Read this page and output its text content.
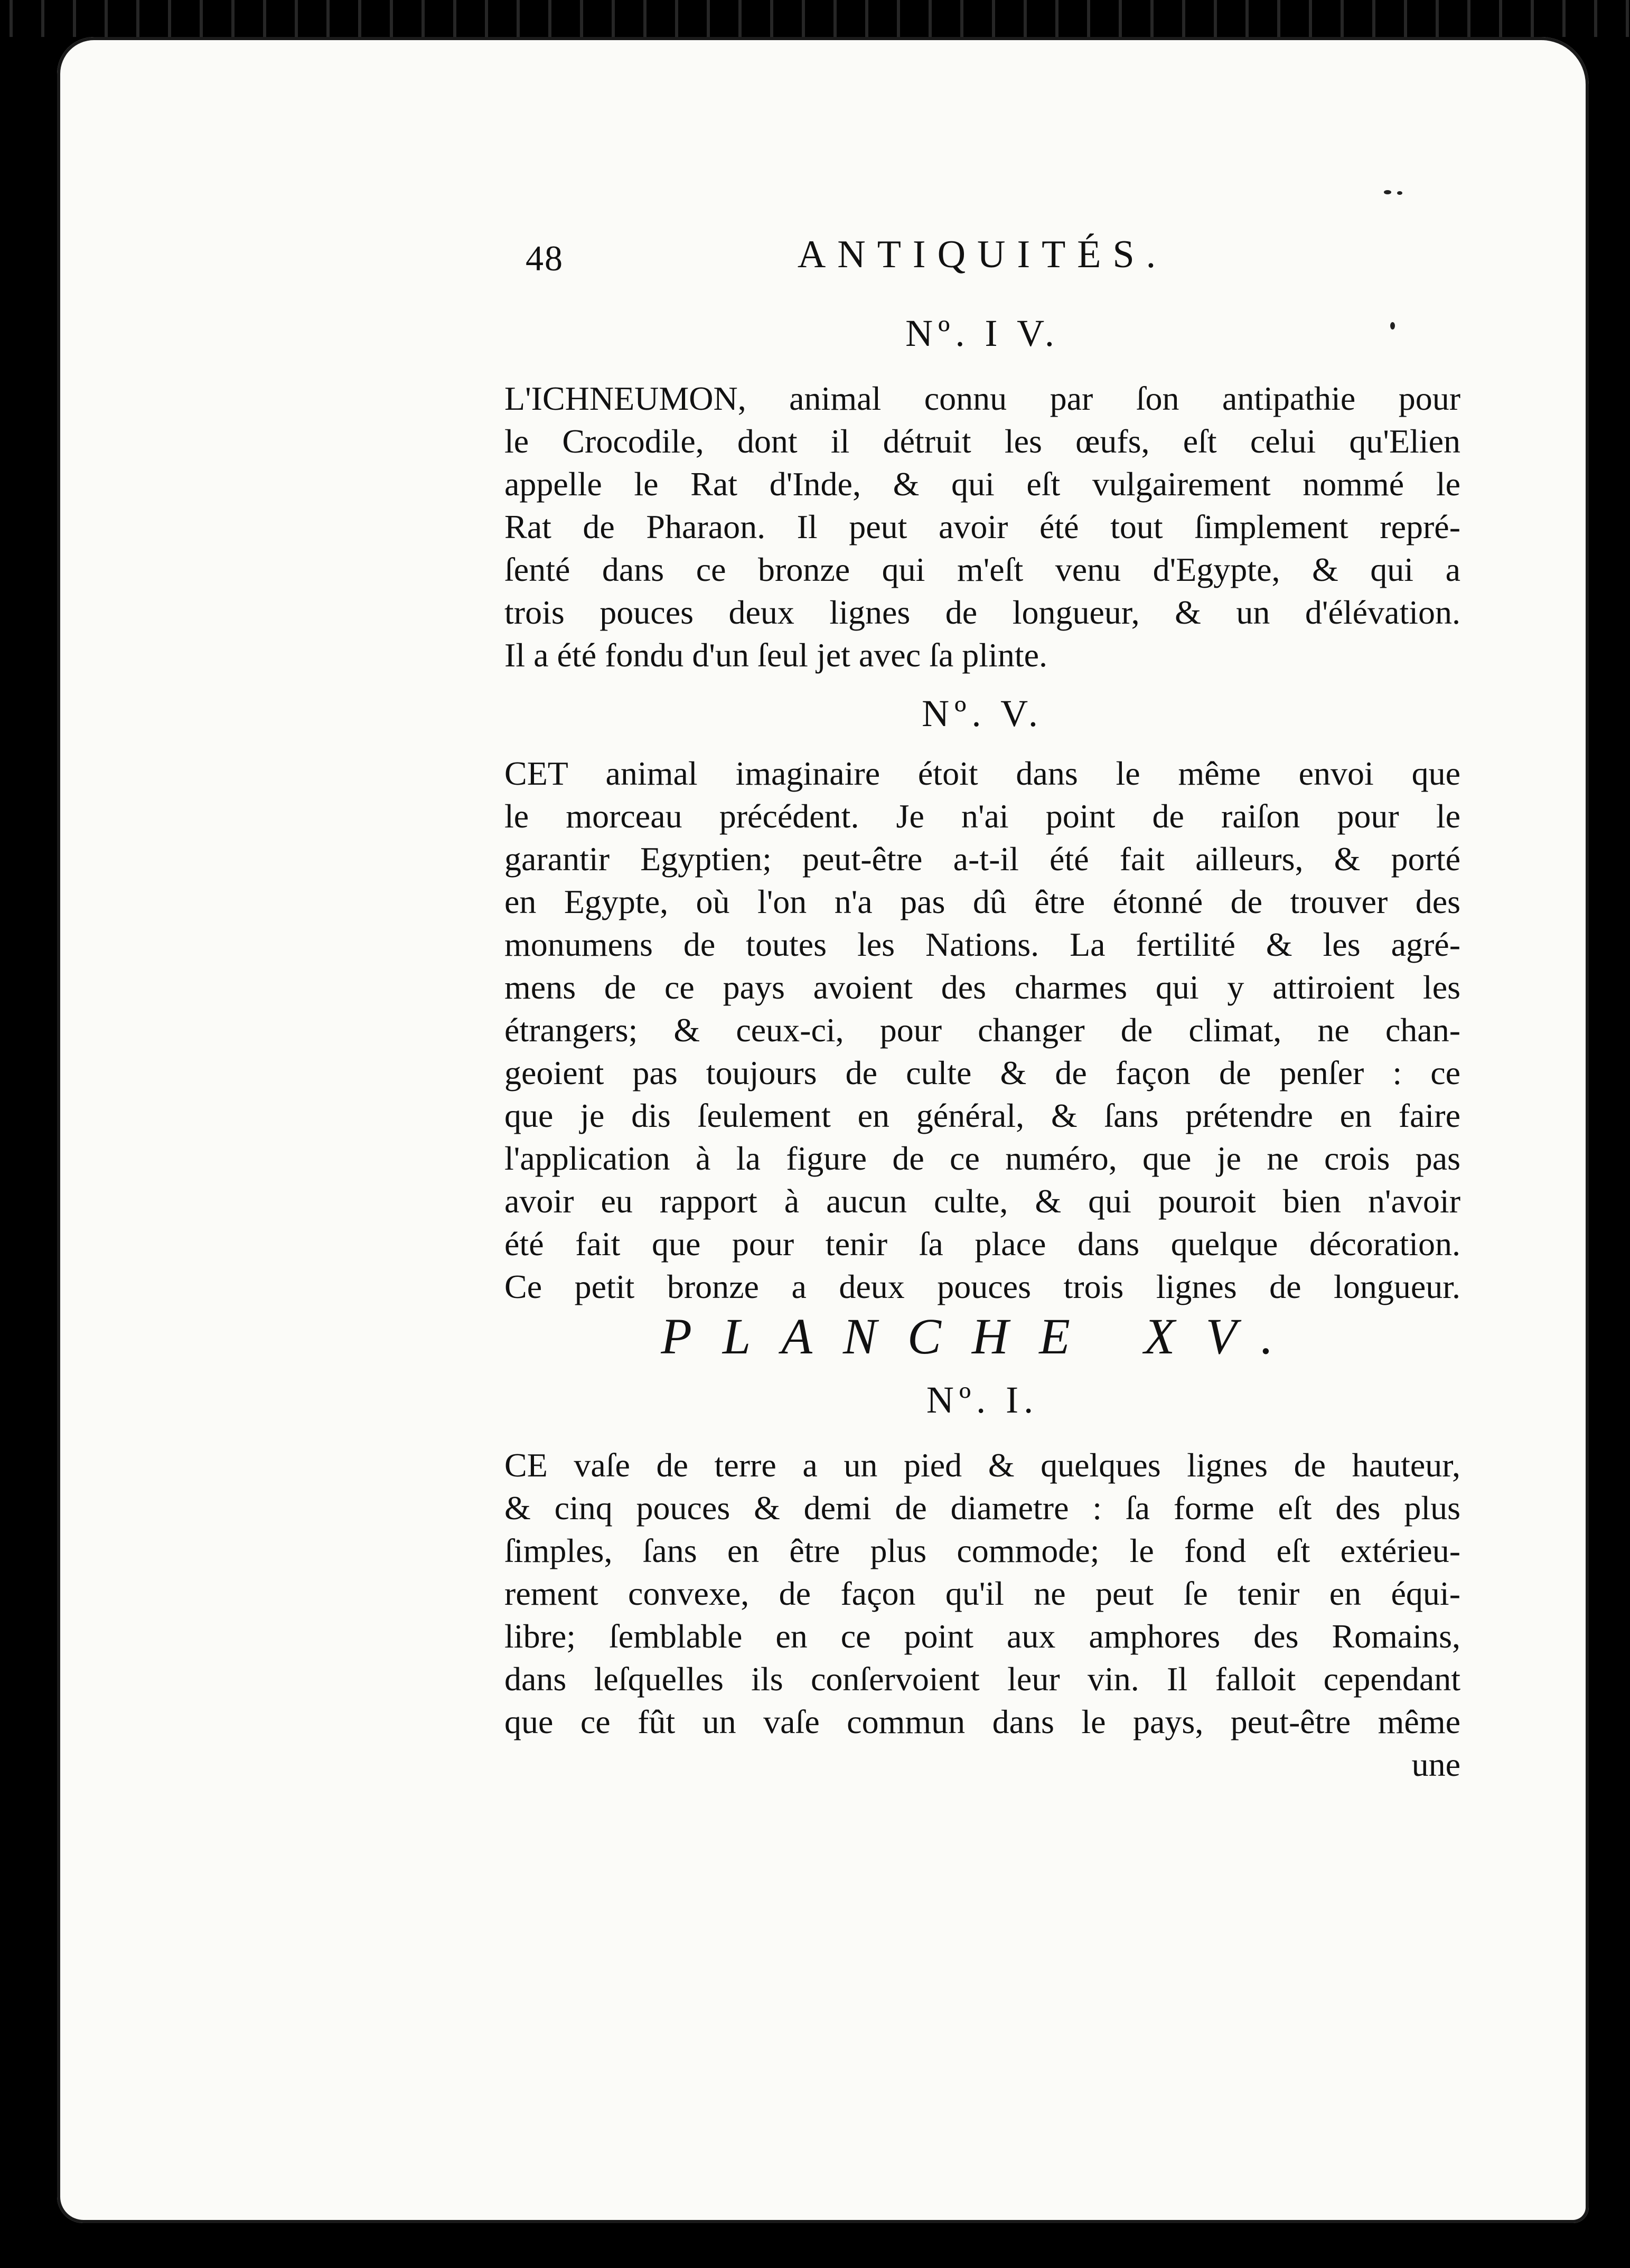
48	ANTIQUITÉS.
Nº. I V.
L'ICHNEUMON, animal connu par ſon antipathie pour
le Crocodile, dont il détruit les œufs, eſt celui qu'Elien
appelle le Rat d'Inde, & qui eſt vulgairement nommé le
Rat de Pharaon. Il peut avoir été tout ſimplement repré-
ſenté dans ce bronze qui m'eſt venu d'Egypte, & qui a
trois pouces deux lignes de longueur, & un d'élévation.
Il a été fondu d'un ſeul jet avec ſa plinte.
Nº. V.
CET animal imaginaire étoit dans le même envoi que
le morceau précédent. Je n'ai point de raiſon pour le
garantir Egyptien; peut-être a-t-il été fait ailleurs, & porté
en Egypte, où l'on n'a pas dû être étonné de trouver des
monumens de toutes les Nations. La fertilité & les agré-
mens de ce pays avoient des charmes qui y attiroient les
étrangers; & ceux-ci, pour changer de climat, ne chan-
geoient pas toujours de culte & de façon de penſer : ce
que je dis ſeulement en général, & ſans prétendre en faire
l'application à la figure de ce numéro, que je ne crois pas
avoir eu rapport à aucun culte, & qui pouroit bien n'avoir
été fait que pour tenir ſa place dans quelque décoration.
Ce petit bronze a deux pouces trois lignes de longueur.
PLANCHE XV.
Nº. I.
CE vaſe de terre a un pied & quelques lignes de hauteur,
& cinq pouces & demi de diametre : ſa forme eſt des plus
ſimples, ſans en être plus commode; le fond eſt extérieu-
rement convexe, de façon qu'il ne peut ſe tenir en équi-
libre; ſemblable en ce point aux amphores des Romains,
dans leſquelles ils conſervoient leur vin. Il falloit cependant
que ce fût un vaſe commun dans le pays, peut-être même
une
